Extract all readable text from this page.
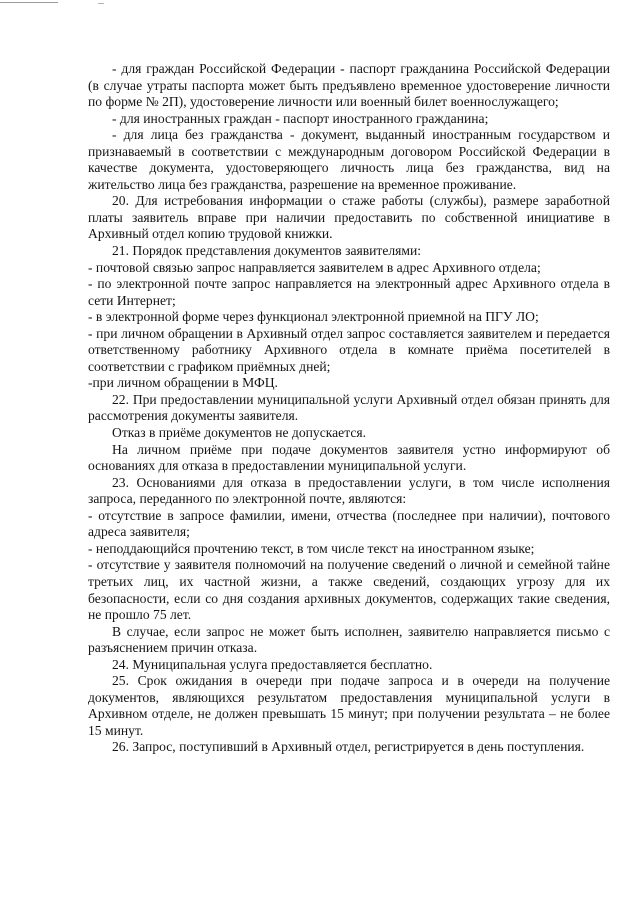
- для граждан Российской Федерации - паспорт гражданина Российской Федерации (в случае утраты паспорта может быть предъявлено временное удостоверение личности по форме № 2П), удостоверение личности или военный билет военнослужащего;

- для иностранных граждан - паспорт иностранного гражданина;

- для лица без гражданства - документ, выданный иностранным государством и признаваемый в соответствии с международным договором Российской Федерации в качестве документа, удостоверяющего личность лица без гражданства, вид на жительство лица без гражданства, разрешение на временное проживание.

20. Для истребования информации о стаже работы (службы), размере заработной платы заявитель вправе при наличии предоставить по собственной инициативе в Архивный отдел копию трудовой книжки.

21. Порядок представления документов заявителями:

- почтовой связью запрос направляется заявителем в адрес Архивного отдела;

- по электронной почте запрос направляется на электронный адрес Архивного отдела в сети Интернет;

- в электронной форме через функционал электронной приемной на ПГУ ЛО;

- при личном обращении в Архивный отдел запрос составляется заявителем и передается ответственному работнику Архивного отдела в комнате приёма посетителей в соответствии с графиком приёмных дней;

-при личном обращении в МФЦ.

22. При предоставлении муниципальной услуги Архивный отдел обязан принять для рассмотрения документы заявителя.

Отказ в приёме документов не допускается.

На личном приёме при подаче документов заявителя устно информируют об основаниях для отказа в предоставлении муниципальной услуги.

23. Основаниями для отказа в предоставлении услуги, в том числе исполнения запроса, переданного по электронной почте, являются:

- отсутствие в запросе фамилии, имени, отчества (последнее при наличии), почтового адреса заявителя;

- неподдающийся прочтению текст, в том числе текст на иностранном языке;

- отсутствие у заявителя полномочий на получение сведений о личной и семейной тайне третьих лиц, их частной жизни, а также сведений, создающих угрозу для их безопасности, если со дня создания архивных документов, содержащих такие сведения, не прошло 75 лет.

В случае, если запрос не может быть исполнен, заявителю направляется письмо с разъяснением причин отказа.

24. Муниципальная услуга предоставляется бесплатно.

25. Срок ожидания в очереди при подаче запроса и в очереди на получение документов, являющихся результатом предоставления муниципальной услуги в Архивном отделе, не должен превышать 15 минут; при получении результата – не более 15 минут.

26. Запрос, поступивший в Архивный отдел, регистрируется в день поступления.
